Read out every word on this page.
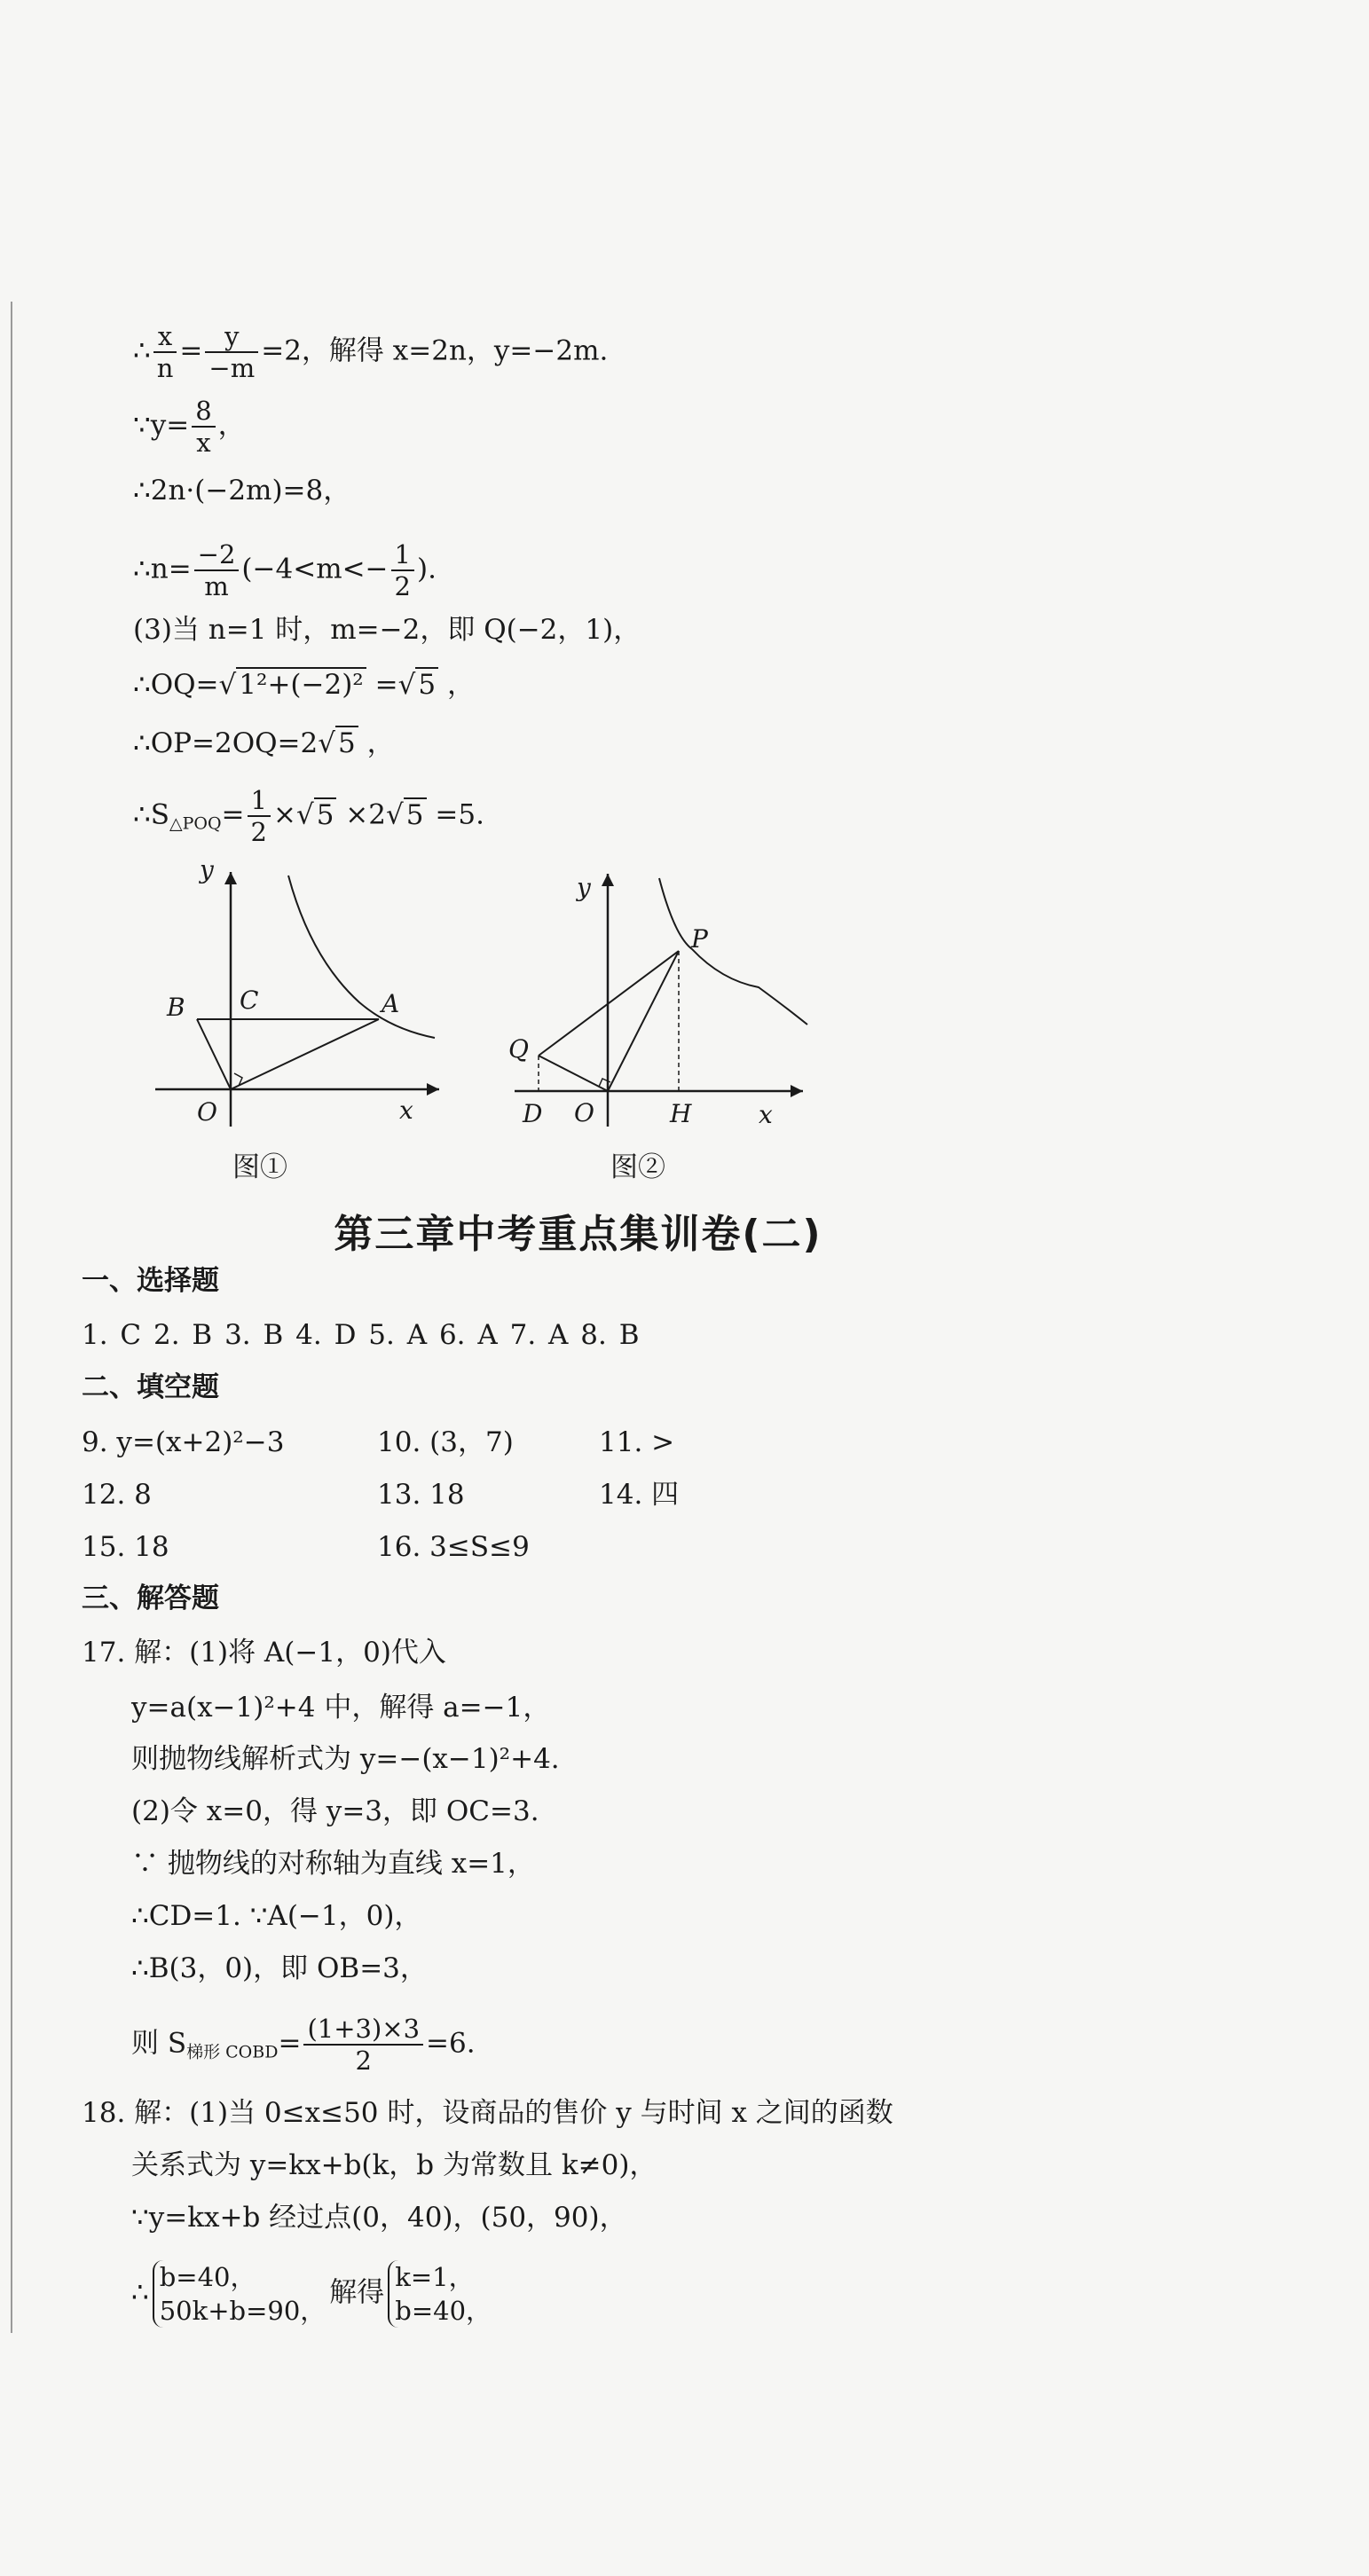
∴ $\frac{x}{n} = \frac{y}{-m} =2$，解得 x=2n，y=−2m.
∵y= $\frac{8}{x}$ ，
∴2n·(−2m)=8，
∴n= $\frac{-2}{m} (-4<m<- \frac{1}{2}$ ).
(3)当 n=1 时，m=−2，即 Q(−2，1)，
∴OQ=√1²+(−2)² =√5 ，
∴OP=2OQ=2√5 ，
$\therefore S_{\triangle POQ}= \frac{1}{2} \times√5 \times 2√5 =5$.
y
x
O
B C	A
图①
y
x
O
P
Q
D	H
图②
第三章中考重点集训卷(二)
一、选择题
1. C 2. B 3. B 4. D 5. A 6. A 7. A 8. B
二、填空题
9. y=(x+2)²−3	10. (3，7)	11. >
12. 8	13. 18	14. 四
15. 18	16. 3≤S≤9
三、解答题
17. 解：(1)将 A(−1，0)代入
y=a(x−1)²+4 中，解得 a=−1，
则抛物线解析式为 y=−(x−1)²+4.
(2)令 x=0，得 y=3，即 OC=3.
∵ 抛物线的对称轴为直线 x=1，
∴CD=1. ∵A(−1，0)，
∴B(3，0)，即 OB=3，
则 $S_{梯形 COBD}= \frac{(1+3)\times 3}{2} =6$.
18. 解：(1)当 0≤x≤50 时，设商品的售价 y 与时间 x 之间的函数
关系式为 y=kx+b(k，b 为常数且 k≠0)，
∵y=kx+b 经过点(0，40)，(50，90)，
∴ b=40，
50k+b=90，
解得 k=1，
b=40，
